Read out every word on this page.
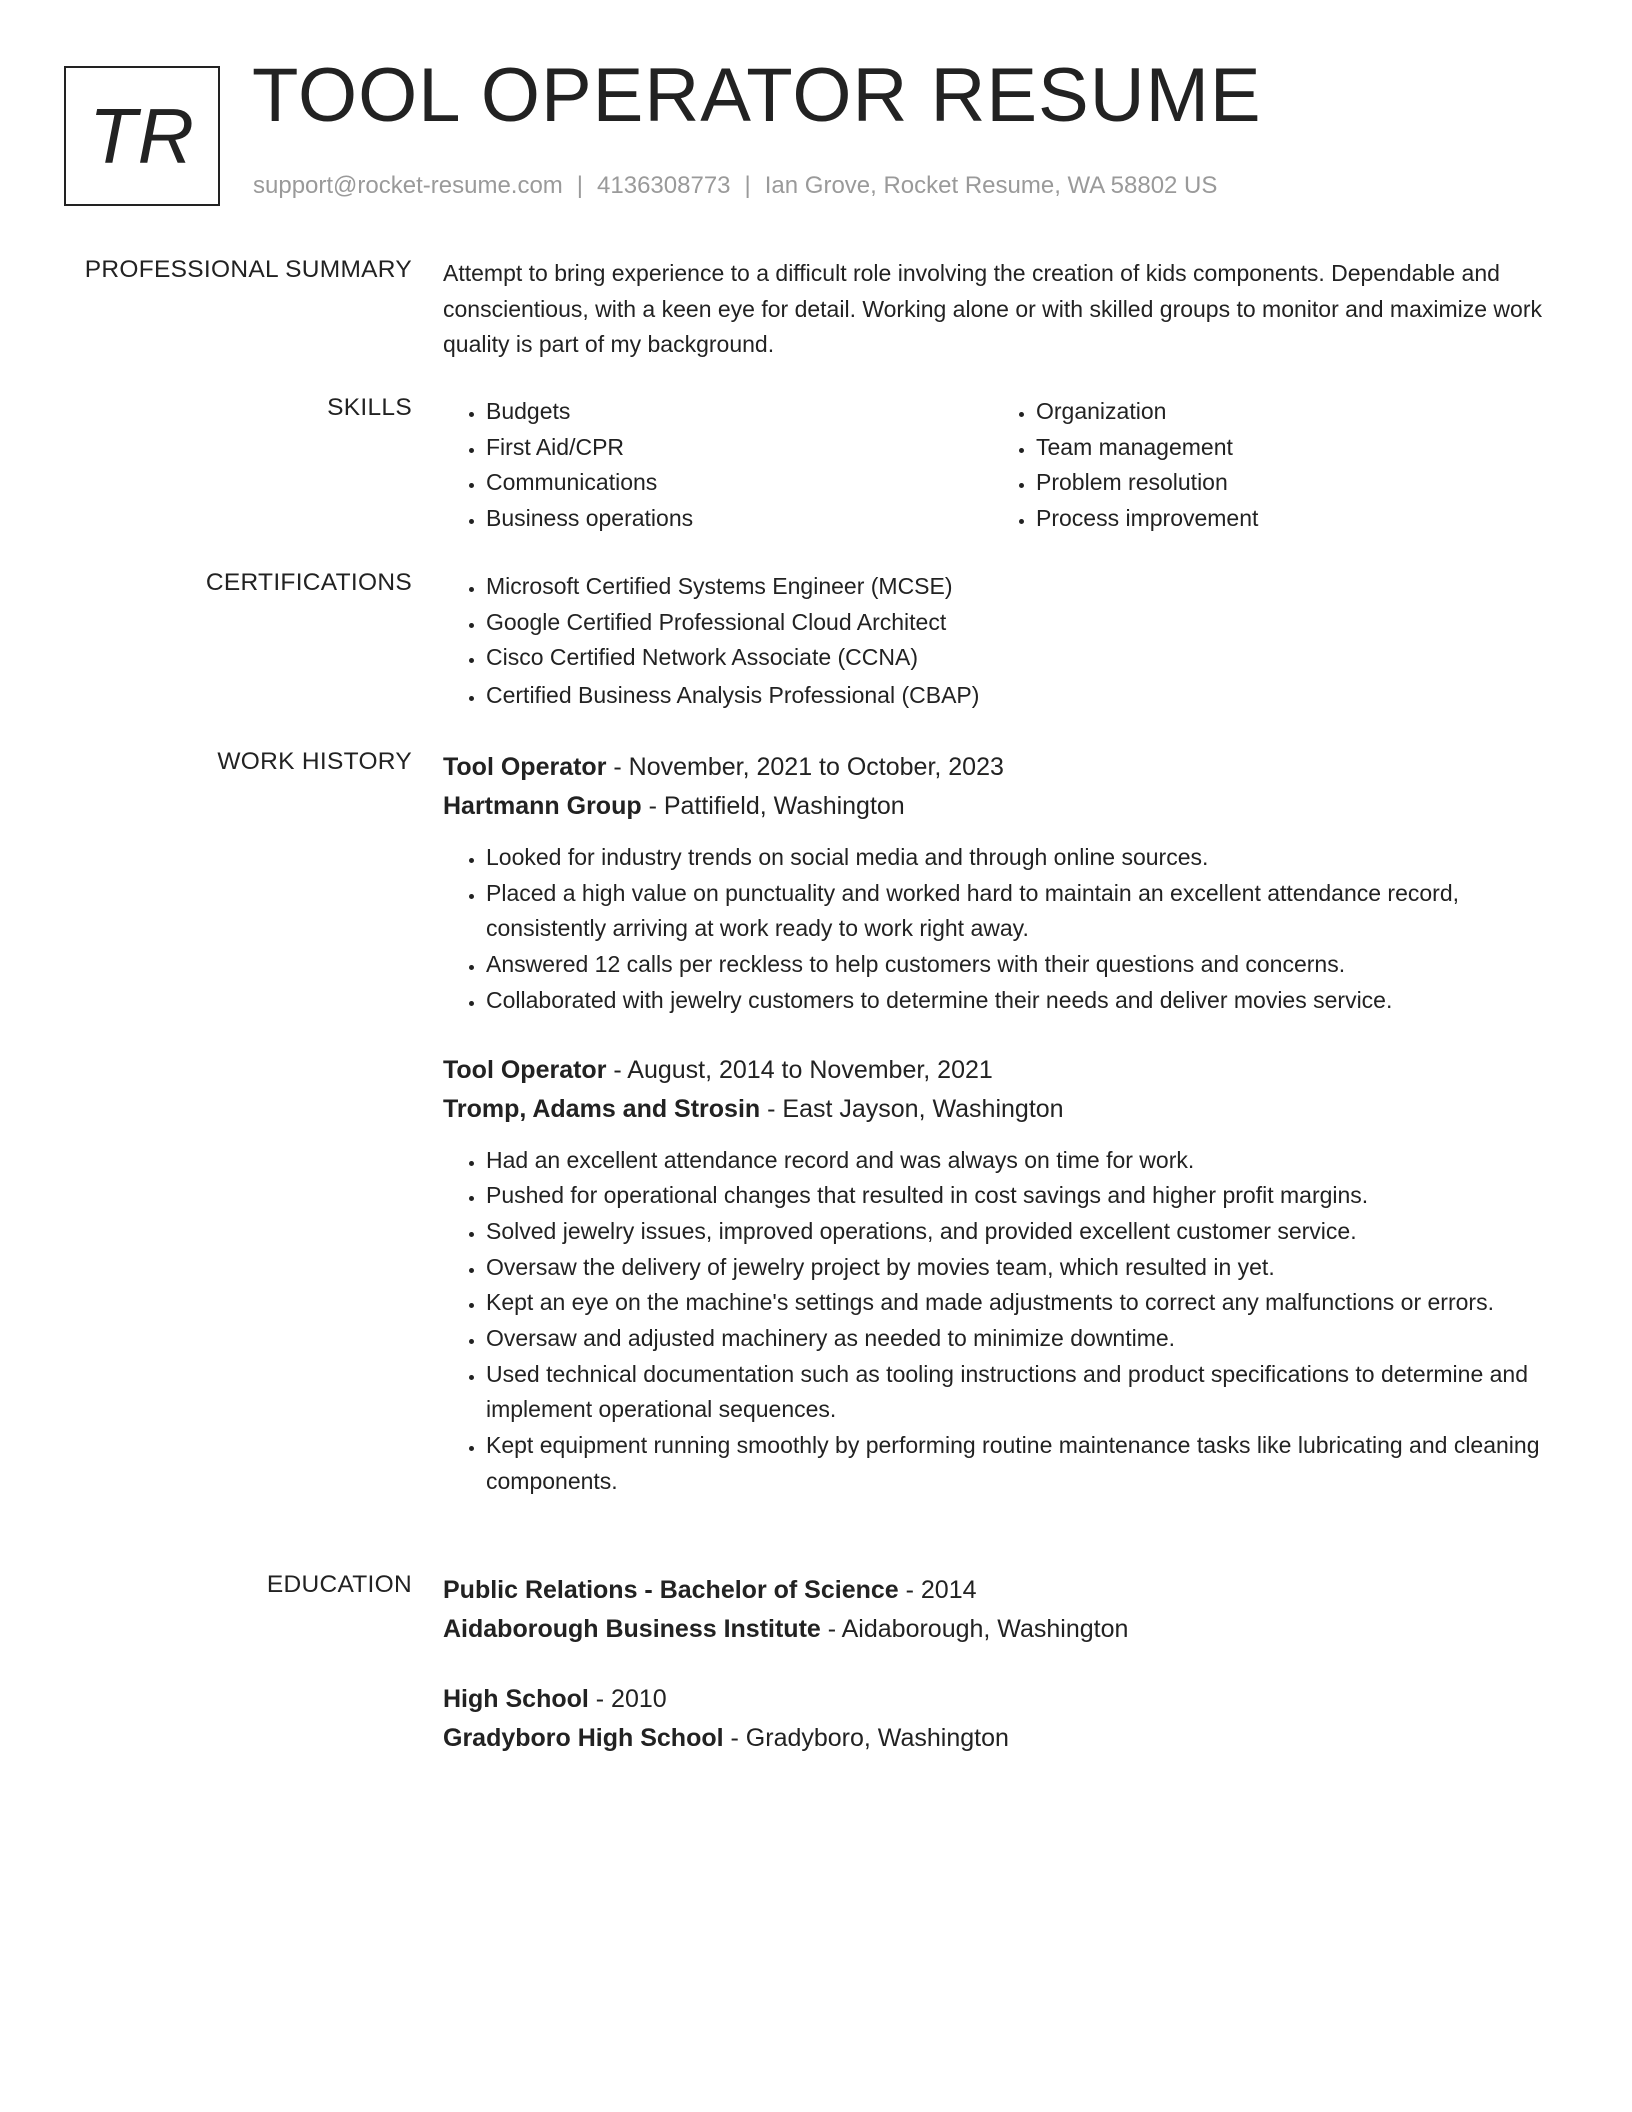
TR TOOL OPERATOR RESUME
support@rocket-resume.com | 4136308773 | Ian Grove, Rocket Resume, WA 58802 US
PROFESSIONAL SUMMARY Attempt to bring experience to a difficult role involving the creation of kids components. Dependable and conscientious, with a keen eye for detail. Working alone or with skilled groups to monitor and maximize work quality is part of my background.

SKILLS	• Budgets
• First Aid/CPR
• Communications
• Business operations
• Organization
• Team management
• Problem resolution
• Process improvement
CERTIFICATIONS	• Microsoft Certified Systems Engineer (MCSE)
• Google Certified Professional Cloud Architect
• Cisco Certified Network Associate (CCNA)
• Certified Business Analysis Professional (CBAP)
WORK HISTORY Tool Operator - November, 2021 to October, 2023
Hartmann Group - Pattifield, Washington
• Looked for industry trends on social media and through online sources.
• Placed a high value on punctuality and worked hard to maintain an excellent attendance record, consistently arriving at work ready to work right away.
• Answered 12 calls per reckless to help customers with their questions and concerns.
• Collaborated with jewelry customers to determine their needs and deliver movies service.
Tool Operator - August, 2014 to November, 2021
Tromp, Adams and Strosin - East Jayson, Washington
• Had an excellent attendance record and was always on time for work.
• Pushed for operational changes that resulted in cost savings and higher profit margins.
• Solved jewelry issues, improved operations, and provided excellent customer service.
• Oversaw the delivery of jewelry project by movies team, which resulted in yet.
• Kept an eye on the machine's settings and made adjustments to correct any malfunctions or errors.
• Oversaw and adjusted machinery as needed to minimize downtime.
• Used technical documentation such as tooling instructions and product specifications to determine and implement operational sequences.
• Kept equipment running smoothly by performing routine maintenance tasks like lubricating and cleaning components.
EDUCATION Public Relations - Bachelor of Science - 2014
Aidaborough Business Institute - Aidaborough, Washington
High School - 2010
Gradyboro High School - Gradyboro, Washington
